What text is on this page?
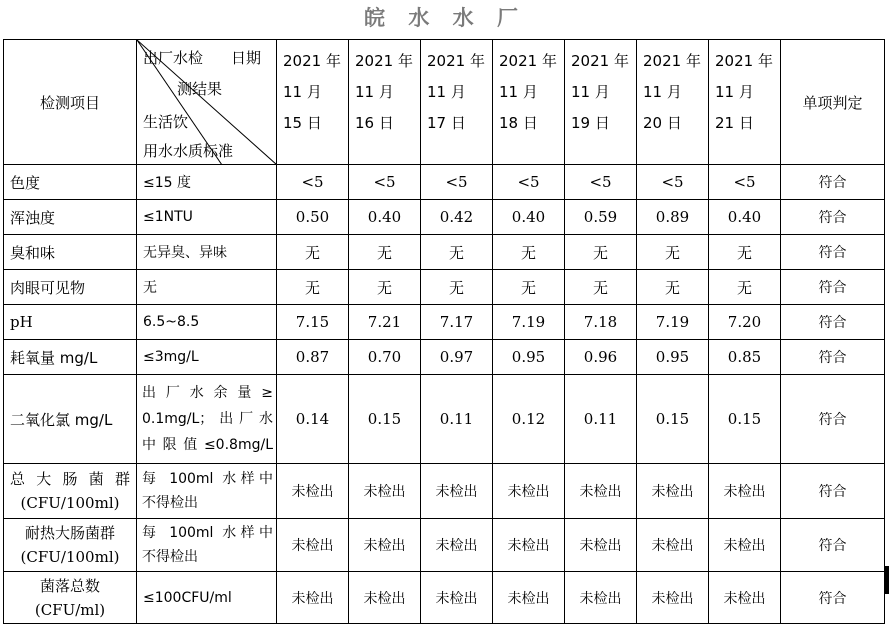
皖 水 水 厂
检测项目	出厂水检 日期
测结果
生活饮
用水水质标准	2021 年
11 月
15 日	2021 年
11 月
16 日	2021 年
11 月
17 日	2021 年
11 月
18 日	2021 年
11 月
19 日	2021 年
11 月
20 日	2021 年
11 月
21 日	单项判定
色度	≤15 度	<5	<5	<5	<5	<5	<5	<5	符合
浑浊度	≤1NTU	0.50	0.40	0.42	0.40	0.59	0.89	0.40	符合
臭和味	无异臭、异味	无	无	无	无	无	无	无	符合
肉眼可见物	无	无	无	无	无	无	无	无	符合
pH	6.5~8.5	7.15	7.21	7.17	7.19	7.18	7.19	7.20	符合
耗氧量 mg/L	≤3mg/L	0.87	0.70	0.97	0.95	0.96	0.95	0.85	符合
二氧化氯 mg/L	出厂水余量≥
0.1mg/L；出厂水
中限值≤0.8mg/L	0.14	0.15	0.11	0.12	0.11	0.15	0.15	符合

总大肠菌群
(CFU/100ml)	每 100ml 水样中
不得检出	未检出	未检出	未检出	未检出	未检出	未检出	未检出	符合

耐热大肠菌群
(CFU/100ml)	每 100ml 水样中
不得检出	未检出	未检出	未检出	未检出	未检出	未检出	未检出	符合

菌落总数
(CFU/ml)	≤100CFU/ml	未检出	未检出	未检出	未检出	未检出	未检出	未检出	符合
